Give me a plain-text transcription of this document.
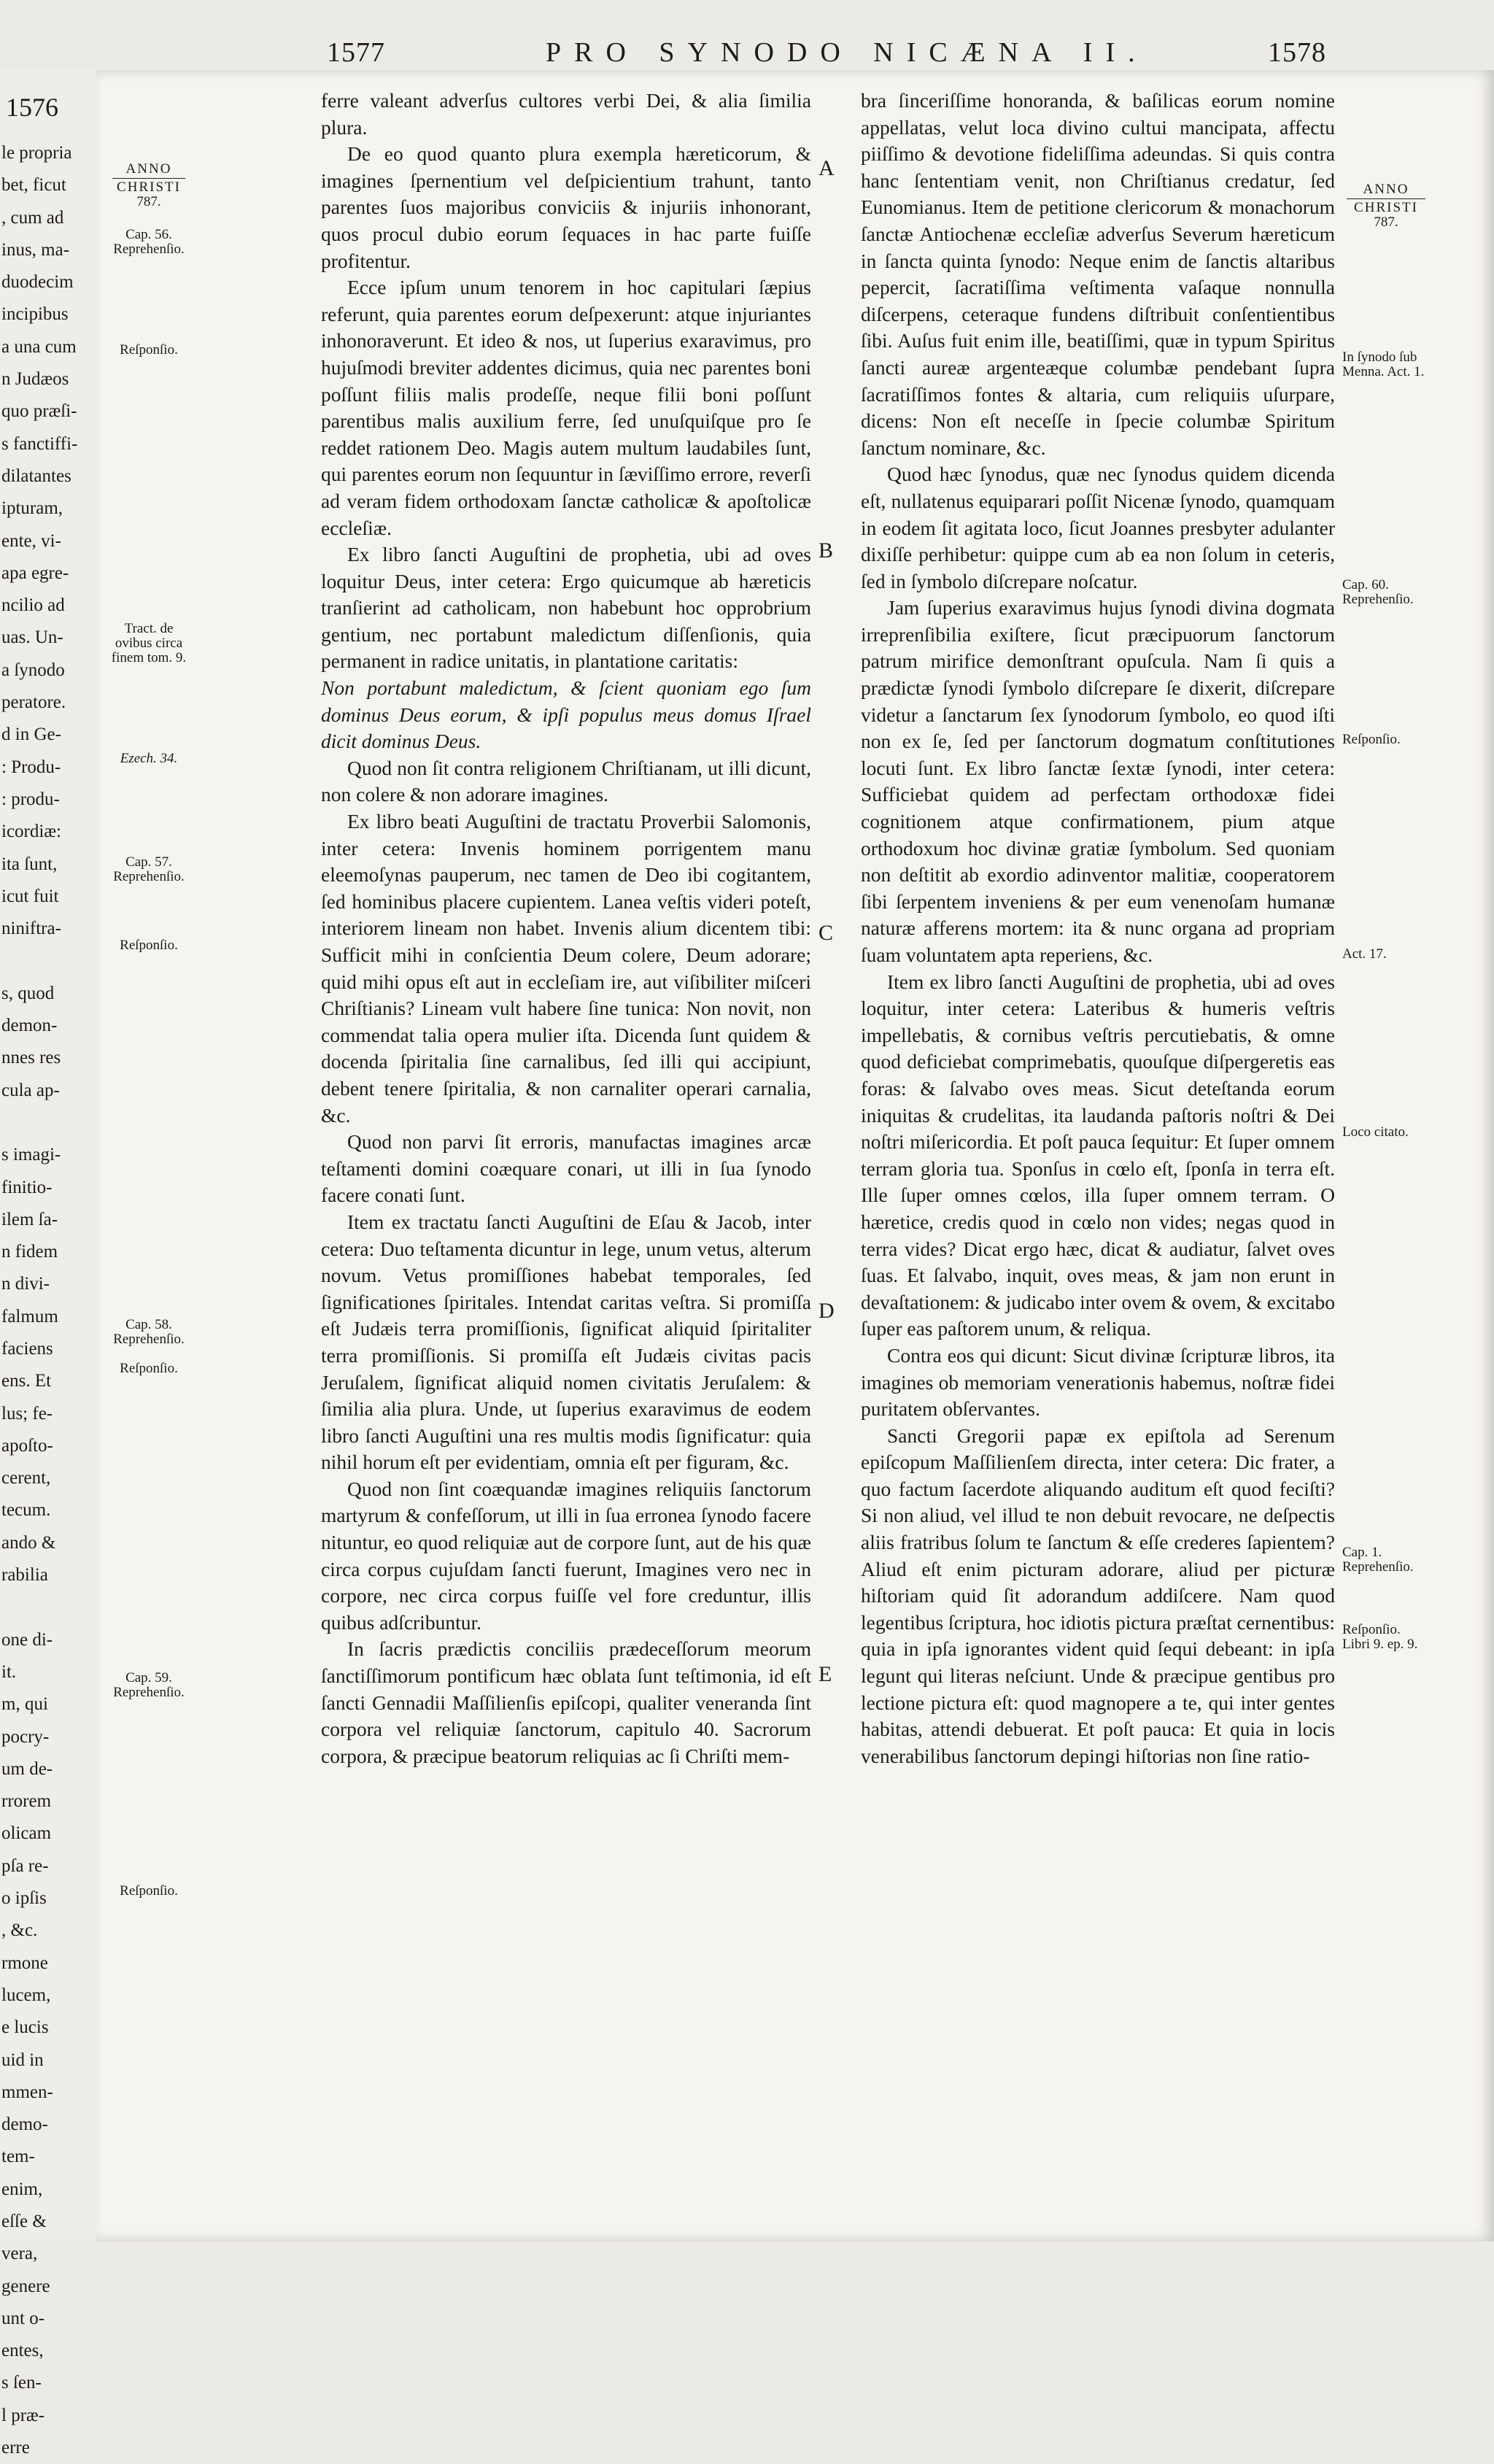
1576
le propria
bet, ficut
, cum ad
inus, ma-
duodecim
incipibus
a una cum
n Judæos
quo præſi-
s fanctiffi-
dilatantes
ipturam,
ente, vi-
apa egre-
ncilio ad
uas. Un-
a ſynodo
peratore.
d in Ge-
: Produ-
: produ-
icordiæ:
ita ſunt,
icut fuit
niniftra-
s, quod
demon-
nnes res
cula ap-
s imagi-
finitio-
ilem ſa-
n fidem
n divi-
falmum
faciens
ens. Et
lus; fe-
apoſto-
cerent,
tecum.
ando &
rabilia
one di-
it.
m, qui
pocry-
um de-
rrorem
olicam
pſa re-
o ipſis
, &c.
rmone
lucem,
e lucis
uid in
mmen-
demo-
tem-
enim,
eſſe &
vera,
genere
unt o-
entes,
s ſen-
l præ-
erre
1577	PRO SYNODO NICÆNA II.	1578
ANNO
CHRISTI
787.
Cap. 56. Reprehenſio.
Reſponſio.
Tract. de ovibus circa finem tom. 9.
Ezech. 34.
Cap. 57. Reprehenſio.
Reſponſio.
Cap. 58. Reprehenſio.
Reſponſio.
Cap. 59. Reprehenſio.
Reſponſio.

ferre valeant adverſus cultores verbi Dei, & alia ſimilia plura.

De eo quod quanto plura exempla hæreticorum, & imagines ſpernentium vel deſpicientium trahunt, tanto parentes ſuos majoribus conviciis & injuriis inhonorant, quos procul dubio eorum ſequaces in hac parte fuiſſe profitentur.

Ecce ipſum unum tenorem in hoc capitulari ſæpius referunt, quia parentes eorum deſpexerunt: atque injuriantes inhonoraverunt. Et ideo & nos, ut ſuperius exaravimus, pro hujuſmodi breviter addentes dicimus, quia nec parentes boni poſſunt filiis malis prodeſſe, neque filii boni poſſunt parentibus malis auxilium ferre, ſed unuſquiſque pro ſe reddet rationem Deo. Magis autem multum laudabiles ſunt, qui parentes eorum non ſequuntur in ſæviſſimo errore, reverſi ad veram fidem orthodoxam ſanctæ catholicæ & apoſtolicæ eccleſiæ.

Ex libro ſancti Auguſtini de prophetia, ubi ad oves loquitur Deus, inter cetera: Ergo quicumque ab hæreticis tranſierint ad catholicam, non habebunt hoc opprobrium gentium, nec portabunt maledictum diſſenſionis, quia permanent in radice unitatis, in plantatione caritatis:

Non portabunt maledictum, & ſcient quoniam ego ſum dominus Deus eorum, & ipſi populus meus domus Iſrael dicit dominus Deus.

Quod non ſit contra religionem Chriſtianam, ut illi dicunt, non colere & non adorare imagines.

Ex libro beati Auguſtini de tractatu Proverbii Salomonis, inter cetera: Invenis hominem porrigentem manu eleemoſynas pauperum, nec tamen de Deo ibi cogitantem, ſed hominibus placere cupientem. Lanea veſtis videri poteſt, interiorem lineam non habet. Invenis alium dicentem tibi: Sufficit mihi in conſcientia Deum colere, Deum adorare; quid mihi opus eſt aut in eccleſiam ire, aut viſibiliter miſceri Chriſtianis? Lineam vult habere ſine tunica: Non novit, non commendat talia opera mulier iſta. Dicenda ſunt quidem & docenda ſpiritalia ſine carnalibus, ſed illi qui accipiunt, debent tenere ſpiritalia, & non carnaliter operari carnalia, &c.

Quod non parvi ſit erroris, manufactas imagines arcæ teſtamenti domini coæquare conari, ut illi in ſua ſynodo facere conati ſunt.

Item ex tractatu ſancti Auguſtini de Eſau & Jacob, inter cetera: Duo teſtamenta dicuntur in lege, unum vetus, alterum novum. Vetus promiſſiones habebat temporales, ſed ſignificationes ſpiritales. Intendat caritas veſtra. Si promiſſa eſt Judæis terra promiſſionis, ſignificat aliquid ſpiritaliter terra promiſſionis. Si promiſſa eſt Judæis civitas pacis Jeruſalem, ſignificat aliquid nomen civitatis Jeruſalem: & ſimilia alia plura. Unde, ut ſuperius exaravimus de eodem libro ſancti Auguſtini una res multis modis ſignificatur: quia nihil horum eſt per evidentiam, omnia eſt per figuram, &c.

Quod non ſint coæquandæ imagines reliquiis ſanctorum martyrum & confeſſorum, ut illi in ſua erronea ſynodo facere nituntur, eo quod reliquiæ aut de corpore ſunt, aut de his quæ circa corpus cujuſdam ſancti fuerunt, Imagines vero nec in corpore, nec circa corpus fuiſſe vel fore creduntur, illis quibus adſcribuntur.

In ſacris prædictis conciliis prædeceſſorum meorum ſanctiſſimorum pontificum hæc oblata ſunt teſtimonia, id eſt ſancti Gennadii Maſſilienſis epiſcopi, qualiter veneranda ſint corpora vel reliquiæ ſanctorum, capitulo 40. Sacrorum corpora, & præcipue beatorum reliquias ac ſi Chriſti mem-

A
B
C
D
E

bra ſinceriſſime honoranda, & baſilicas eorum nomine appellatas, velut loca divino cultui mancipata, affectu piiſſimo & devotione fideliſſima adeundas. Si quis contra hanc ſententiam venit, non Chriſtianus credatur, ſed Eunomianus. Item de petitione clericorum & monachorum ſanctæ Antiochenæ eccleſiæ adverſus Severum hæreticum in ſancta quinta ſynodo: Neque enim de ſanctis altaribus pepercit, ſacratiſſima veſtimenta vaſaque nonnulla diſcerpens, ceteraque fundens diſtribuit conſentientibus ſibi. Auſus fuit enim ille, beatiſſimi, quæ in typum Spiritus ſancti aureæ argenteæque columbæ pendebant ſupra ſacratiſſimos fontes & altaria, cum reliquiis uſurpare, dicens: Non eſt neceſſe in ſpecie columbæ Spiritum ſanctum nominare, &c.

Quod hæc ſynodus, quæ nec ſynodus quidem dicenda eſt, nullatenus equiparari poſſit Nicenæ ſynodo, quamquam in eodem ſit agitata loco, ſicut Joannes presbyter adulanter dixiſſe perhibetur: quippe cum ab ea non ſolum in ceteris, ſed in ſymbolo diſcrepare noſcatur.

Jam ſuperius exaravimus hujus ſynodi divina dogmata irreprenſibilia exiſtere, ſicut præcipuorum ſanctorum patrum mirifice demonſtrant opuſcula. Nam ſi quis a prædictæ ſynodi ſymbolo diſcrepare ſe dixerit, diſcrepare videtur a ſanctarum ſex ſynodorum ſymbolo, eo quod iſti non ex ſe, ſed per ſanctorum dogmatum conſtitutiones locuti ſunt. Ex libro ſanctæ ſextæ ſynodi, inter cetera: Sufficiebat quidem ad perfectam orthodoxæ fidei cognitionem atque confirmationem, pium atque orthodoxum hoc divinæ gratiæ ſymbolum. Sed quoniam non deſtitit ab exordio adinventor malitiæ, cooperatorem ſibi ſerpentem inveniens & per eum venenoſam humanæ naturæ afferens mortem: ita & nunc organa ad propriam ſuam voluntatem apta reperiens, &c.

Item ex libro ſancti Auguſtini de prophetia, ubi ad oves loquitur, inter cetera: Lateribus & humeris veſtris impellebatis, & cornibus veſtris percutiebatis, & omne quod deficiebat comprimebatis, quouſque diſpergeretis eas foras: & ſalvabo oves meas. Sicut deteſtanda eorum iniquitas & crudelitas, ita laudanda paſtoris noſtri & Dei noſtri miſericordia. Et poſt pauca ſequitur: Et ſuper omnem terram gloria tua. Sponſus in cœlo eſt, ſponſa in terra eſt. Ille ſuper omnes cœlos, illa ſuper omnem terram. O hæretice, credis quod in cœlo non vides; negas quod in terra vides? Dicat ergo hæc, dicat & audiatur, ſalvet oves ſuas. Et ſalvabo, inquit, oves meas, & jam non erunt in devaſtationem: & judicabo inter ovem & ovem, & excitabo ſuper eas paſtorem unum, & reliqua.

Contra eos qui dicunt: Sicut divinæ ſcripturæ libros, ita imagines ob memoriam venerationis habemus, noſtræ fidei puritatem obſervantes.

Sancti Gregorii papæ ex epiſtola ad Serenum epiſcopum Maſſilienſem directa, inter cetera: Dic frater, a quo factum ſacerdote aliquando auditum eſt quod feciſti? Si non aliud, vel illud te non debuit revocare, ne deſpectis aliis fratribus ſolum te ſanctum & eſſe crederes ſapientem? Aliud eſt enim picturam adorare, aliud per picturæ hiſtoriam quid ſit adorandum addiſcere. Nam quod legentibus ſcriptura, hoc idiotis pictura præſtat cernentibus: quia in ipſa ignorantes vident quid ſequi debeant: in ipſa legunt qui literas neſciunt. Unde & præcipue gentibus pro lectione pictura eſt: quod magnopere a te, qui inter gentes habitas, attendi debuerat. Et poſt pauca: Et quia in locis venerabilibus ſanctorum depingi hiſtorias non ſine ratio-

ANNO
CHRISTI
787.
In ſynodo ſub Menna. Act. 1.
Cap. 60. Reprehenſio.
Reſponſio.
Act. 17.
Loco citato.
Cap. 1. Reprehenſio.
Reſponſio. Libri 9. ep. 9.
